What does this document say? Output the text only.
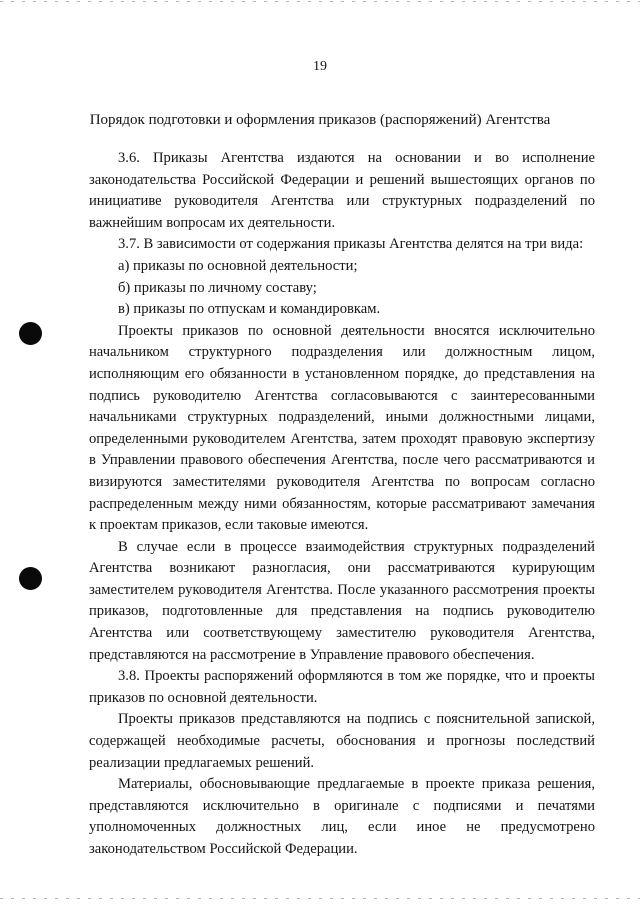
19
Порядок подготовки и оформления приказов (распоряжений) Агентства

3.6. Приказы Агентства издаются на основании и во исполнение законодательства Российской Федерации и решений вышестоящих органов по инициативе руководителя Агентства или структурных подразделений по важнейшим вопросам их деятельности.

3.7. В зависимости от содержания приказы Агентства делятся на три вида:

а) приказы по основной деятельности;

б) приказы по личному составу;

в) приказы по отпускам и командировкам.

Проекты приказов по основной деятельности вносятся исключительно начальником структурного подразделения или должностным лицом, исполняющим его обязанности в установленном порядке, до представления на подпись руководителю Агентства согласовываются с заинтересованными начальниками структурных подразделений, иными должностными лицами, определенными руководителем Агентства, затем проходят правовую экспертизу в Управлении правового обеспечения Агентства, после чего рассматриваются и визируются заместителями руководителя Агентства по вопросам согласно распределенным между ними обязанностям, которые рассматривают замечания к проектам приказов, если таковые имеются.

В случае если в процессе взаимодействия структурных подразделений Агентства возникают разногласия, они рассматриваются курирующим заместителем руководителя Агентства. После указанного рассмотрения проекты приказов, подготовленные для представления на подпись руководителю Агентства или соответствующему заместителю руководителя Агентства, представляются на рассмотрение в Управление правового обеспечения.

3.8. Проекты распоряжений оформляются в том же порядке, что и проекты приказов по основной деятельности.

Проекты приказов представляются на подпись с пояснительной запиской, содержащей необходимые расчеты, обоснования и прогнозы последствий реализации предлагаемых решений.

Материалы, обосновывающие предлагаемые в проекте приказа решения, представляются исключительно в оригинале с подписями и печатями уполномоченных должностных лиц, если иное не предусмотрено законодательством Российской Федерации.
